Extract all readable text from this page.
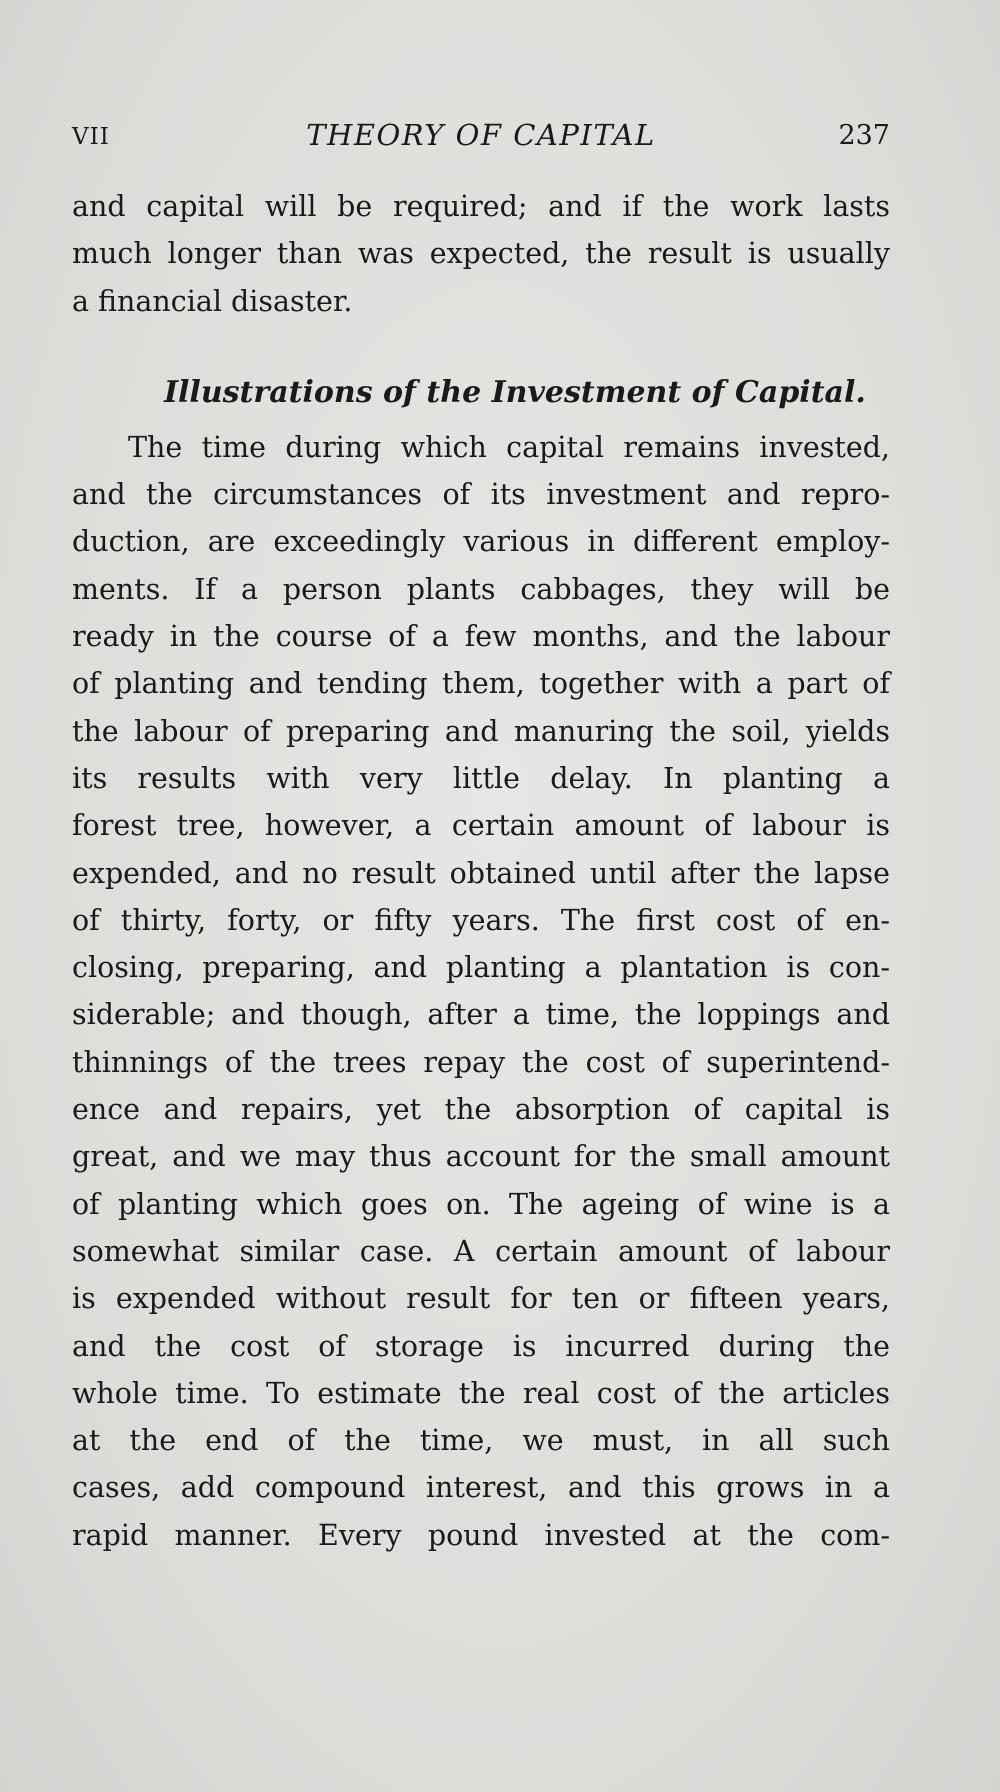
VII	THEORY OF CAPITAL	237
and capital will be required; and if the work lasts
much longer than was expected, the result is usually
a financial disaster.
Illustrations of the Investment of Capital.
The time during which capital remains invested,
and the circumstances of its investment and repro-
duction, are exceedingly various in different employ-
ments. If a person plants cabbages, they will be
ready in the course of a few months, and the labour
of planting and tending them, together with a part of
the labour of preparing and manuring the soil, yields
its results with very little delay. In planting a
forest tree, however, a certain amount of labour is
expended, and no result obtained until after the lapse
of thirty, forty, or fifty years. The first cost of en-
closing, preparing, and planting a plantation is con-
siderable; and though, after a time, the loppings and
thinnings of the trees repay the cost of superintend-
ence and repairs, yet the absorption of capital is
great, and we may thus account for the small amount
of planting which goes on. The ageing of wine is a
somewhat similar case. A certain amount of labour
is expended without result for ten or fifteen years,
and the cost of storage is incurred during the
whole time. To estimate the real cost of the articles
at the end of the time, we must, in all such
cases, add compound interest, and this grows in a
rapid manner. Every pound invested at the com-
